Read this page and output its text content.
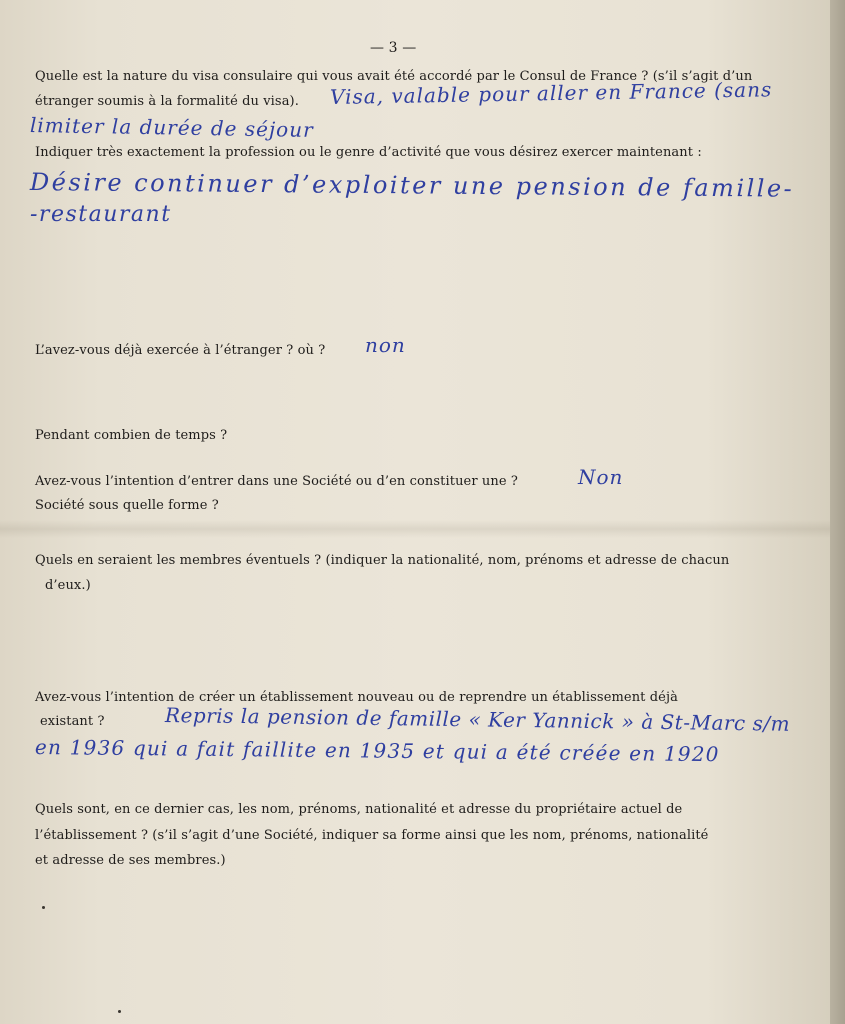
— 3 —
Quelle est la nature du visa consulaire qui vous avait été accordé par le Consul de France ? (s’il s’agit d’un
étranger soumis à la formalité du visa). Visa, valable pour aller en France (sans
limiter la durée de séjour
Indiquer très exactement la profession ou le genre d’activité que vous désirez exercer maintenant :
Désire continuer d’exploiter une pension de famille-
-restaurant
L’avez-vous déjà exercée à l’étranger ? où ? non
Pendant combien de temps ?
Avez-vous l’intention d’entrer dans une Société ou d’en constituer une ?	Non
Société sous quelle forme ?
Quels en seraient les membres éventuels ? (indiquer la nationalité, nom, prénoms et adresse de chacun
d’eux.)
Avez-vous l’intention de créer un établissement nouveau ou de reprendre un établissement déjà
existant ?	Repris la pension de famille « Ker Yannick » à St-Marc s/m
en 1936 qui a fait faillite en 1935 et qui a été créée en 1920
Quels sont, en ce dernier cas, les nom, prénoms, nationalité et adresse du propriétaire actuel de
l’établissement ? (s’il s’agit d’une Société, indiquer sa forme ainsi que les nom, prénoms, nationalité
et adresse de ses membres.)
